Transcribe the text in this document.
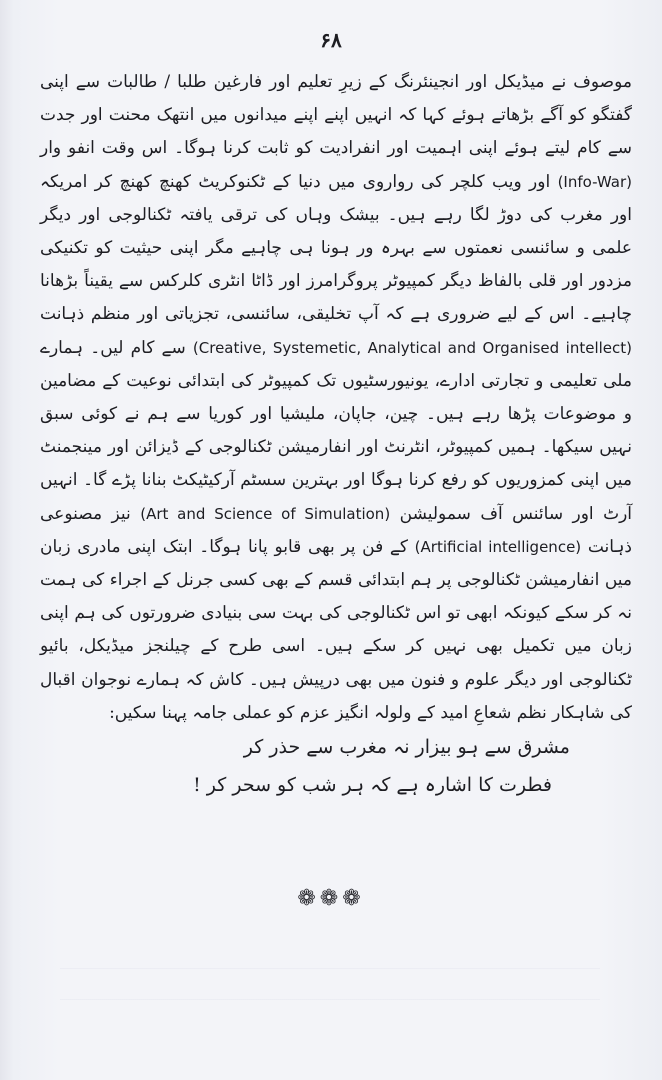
۶۸

موصوف نے میڈیکل اور انجینئرنگ کے زیرِ تعلیم اور فارغین طلبا / طالبات سے اپنی گفتگو کو آگے بڑھاتے ہوئے کہا کہ انہیں اپنے اپنے میدانوں میں انتھک محنت اور جدت سے کام لیتے ہوئے اپنی اہمیت اور انفرادیت کو ثابت کرنا ہوگا۔ اس وقت انفو وار (Info-War) اور ویب کلچر کی رواروی میں دنیا کے ٹکنوکریٹ کھنچ کھنچ کر امریکہ اور مغرب کی دوڑ لگا رہے ہیں۔ بیشک وہاں کی ترقی یافتہ ٹکنالوجی اور دیگر علمی و سائنسی نعمتوں سے بہرہ ور ہونا ہی چاہیے مگر اپنی حیثیت کو تکنیکی مزدور اور قلی بالفاظ دیگر کمپیوٹر پروگرامرز اور ڈاٹا انٹری کلرکس سے یقیناً بڑھانا چاہیے۔ اس کے لیے ضروری ہے کہ آپ تخلیقی، سائنسی، تجزیاتی اور منظم ذہانت (Creative, Systemetic, Analytical and Organised intellect) سے کام لیں۔ ہمارے ملی تعلیمی و تجارتی ادارے، یونیورسٹیوں تک کمپیوٹر کی ابتدائی نوعیت کے مضامین و موضوعات پڑھا رہے ہیں۔ چین، جاپان، ملیشیا اور کوریا سے ہم نے کوئی سبق نہیں سیکھا۔ ہمیں کمپیوٹر، انٹرنٹ اور انفارمیشن ٹکنالوجی کے ڈیزائن اور مینجمنٹ میں اپنی کمزوریوں کو رفع کرنا ہوگا اور بہترین سسٹم آرکیٹیکٹ بنانا پڑے گا۔ انہیں آرٹ اور سائنس آف سمولیشن (Art and Science of Simulation) نیز مصنوعی ذہانت (Artificial intelligence) کے فن پر بھی قابو پانا ہوگا۔ ابتک اپنی مادری زبان میں انفارمیشن ٹکنالوجی پر ہم ابتدائی قسم کے بھی کسی جرنل کے اجراء کی ہمت نہ کر سکے کیونکہ ابھی تو اس ٹکنالوجی کی بہت سی بنیادی ضرورتوں کی ہم اپنی زبان میں تکمیل بھی نہیں کر سکے ہیں۔ اسی طرح کے چیلنجز میڈیکل، بائیو ٹکنالوجی اور دیگر علوم و فنون میں بھی درپیش ہیں۔ کاش کہ ہمارے نوجوان اقبال کی شاہکار نظم شعاعِ امید کے ولولہ انگیز عزم کو عملی جامہ پہنا سکیں:

مشرق سے ہو بیزار نہ مغرب سے حذر کر
فطرت کا اشارہ ہے کہ ہر شب کو سحر کر !
❁❁❁
